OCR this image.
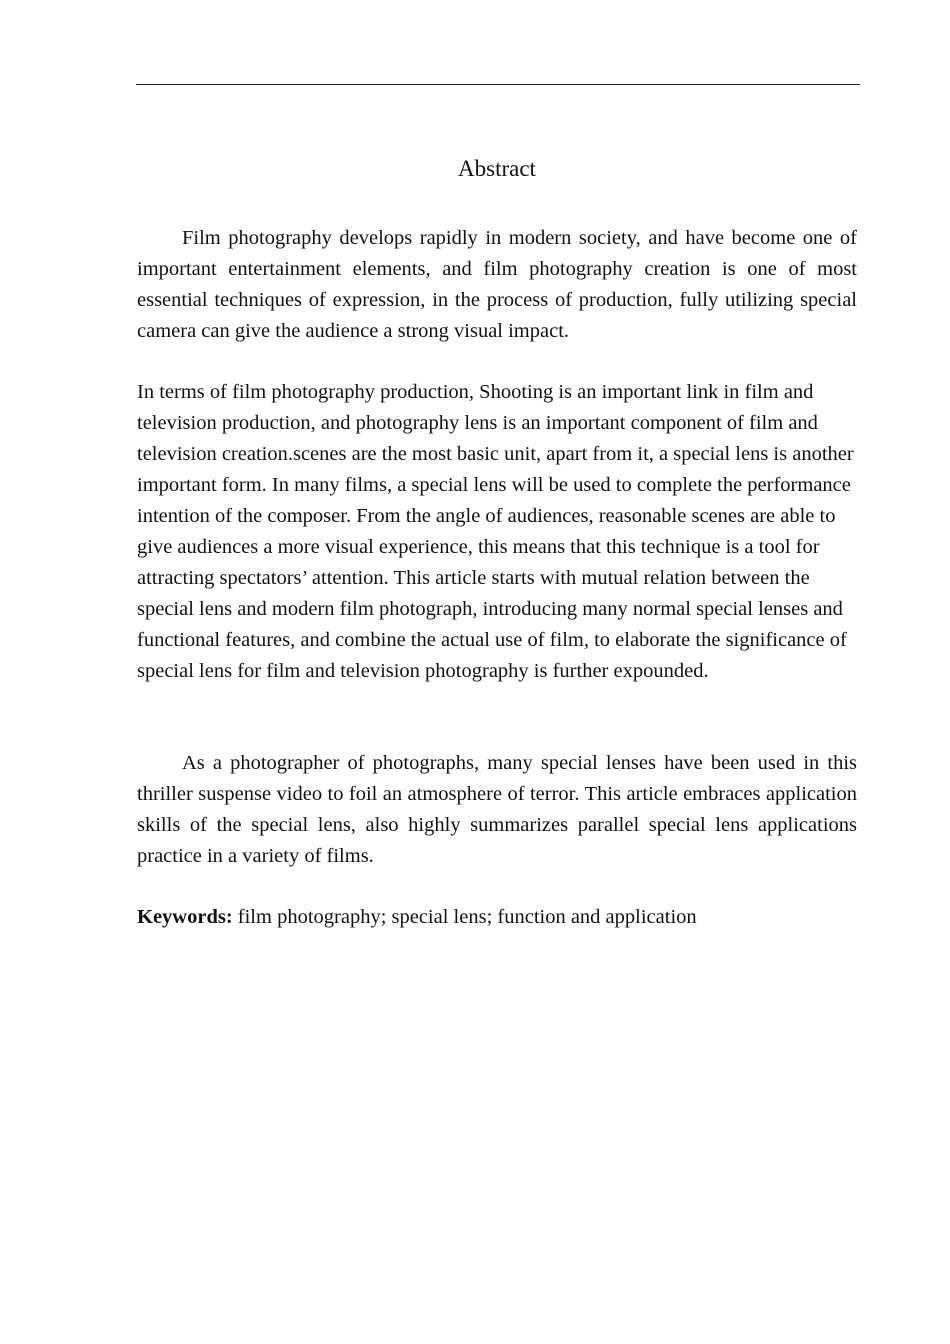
Abstract

Film photography develops rapidly in modern society, and have become one of important entertainment elements, and film photography creation is one of most essential techniques of expression, in the process of production, fully utilizing special camera can give the audience a strong visual impact.

In terms of film photography production, Shooting is an important link in film and television production, and photography lens is an important component of film and television creation.scenes are the most basic unit, apart from it, a special lens is another important form. In many films, a special lens will be used to complete the performance intention of the composer. From the angle of audiences, reasonable scenes are able to give audiences a more visual experience, this means that this technique is a tool for attracting spectators’ attention. This article starts with mutual relation between the special lens and modern film photograph, introducing many normal special lenses and functional features, and combine the actual use of film, to elaborate the significance of special lens for film and television photography is further expounded.

As a photographer of photographs, many special lenses have been used in this thriller suspense video to foil an atmosphere of terror. This article embraces application skills of the special lens, also highly summarizes parallel special lens applications practice in a variety of films.

Keywords: film photography; special lens; function and application
